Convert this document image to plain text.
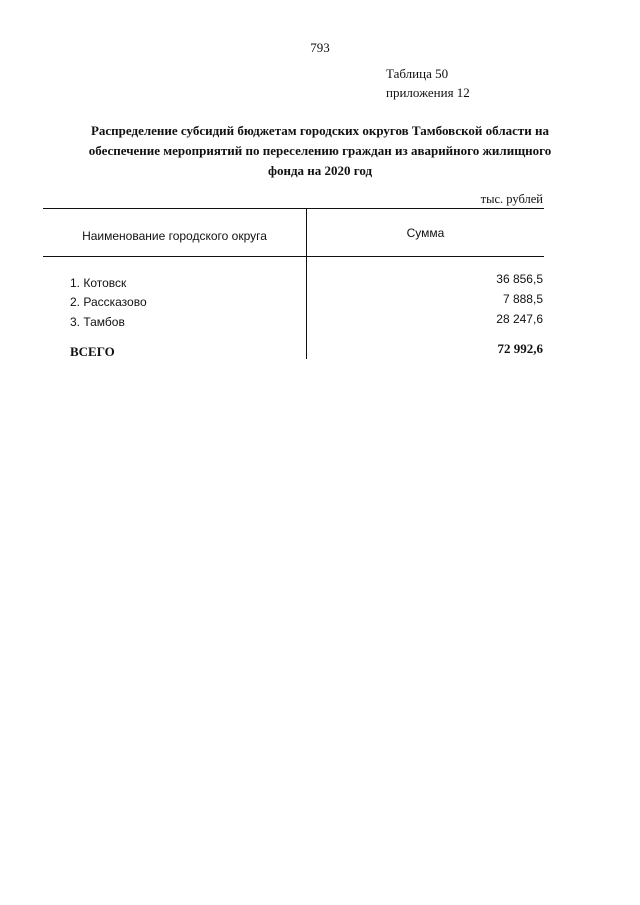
793
Таблица 50
приложения 12
Распределение субсидий бюджетам городских округов Тамбовской области на
обеспечение мероприятий по переселению граждан из аварийного жилищного
фонда на 2020 год
тыс. рублей
Наименование городского округа	Сумма
1. Котовск	36 856,5
2. Рассказово	7 888,5
3. Тамбов	28 247,6
ВСЕГО	72 992,6
